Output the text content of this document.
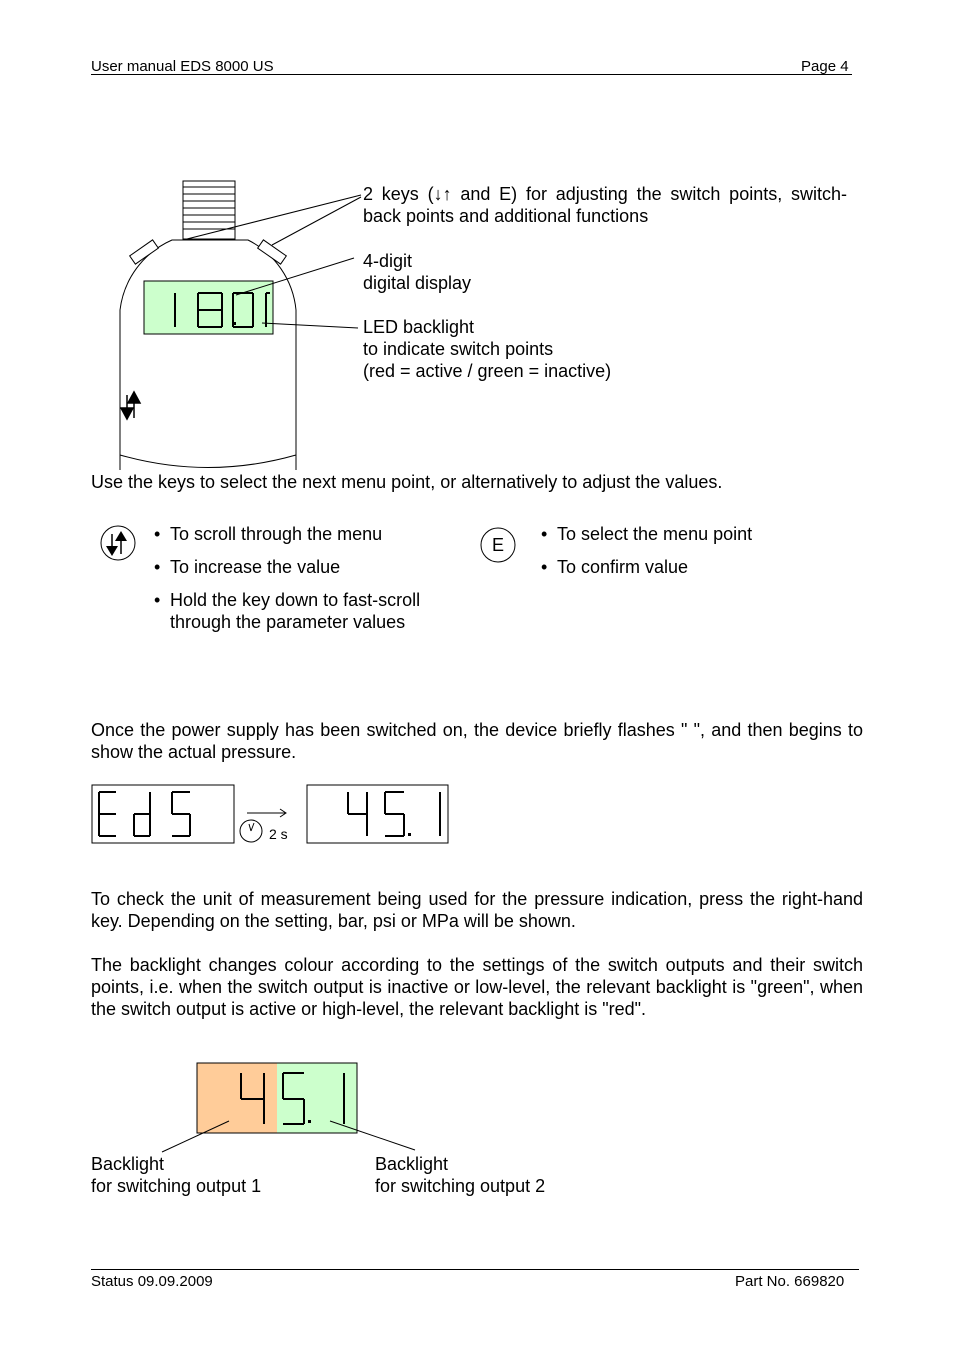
User manual EDS 8000 US	Page 4
2 keys (↓↑ and E) for adjusting the switch points, switch-back points and additional functions
4-digit
digital display
LED backlight
to indicate switch points
(red = active / green = inactive)
Use the keys to select the next menu point, or alternatively to adjust the values.
• To scroll through the menu
• To increase the value
• Hold the key down to fast-scroll through the parameter values
E
• To select the menu point
• To confirm value
Once the power supply has been switched on, the device briefly flashes " ", and then begins to show the actual pressure.
2 s
To check the unit of measurement being used for the pressure indication, press the right-hand key. Depending on the setting, bar, psi or MPa will be shown.
The backlight changes colour according to the settings of the switch outputs and their switch points, i.e. when the switch output is inactive or low-level, the relevant backlight is "green", when the switch output is active or high-level, the relevant backlight is "red".
Backlight
for switching output 1
Backlight
for switching output 2
Status 09.09.2009	Part No. 669820
